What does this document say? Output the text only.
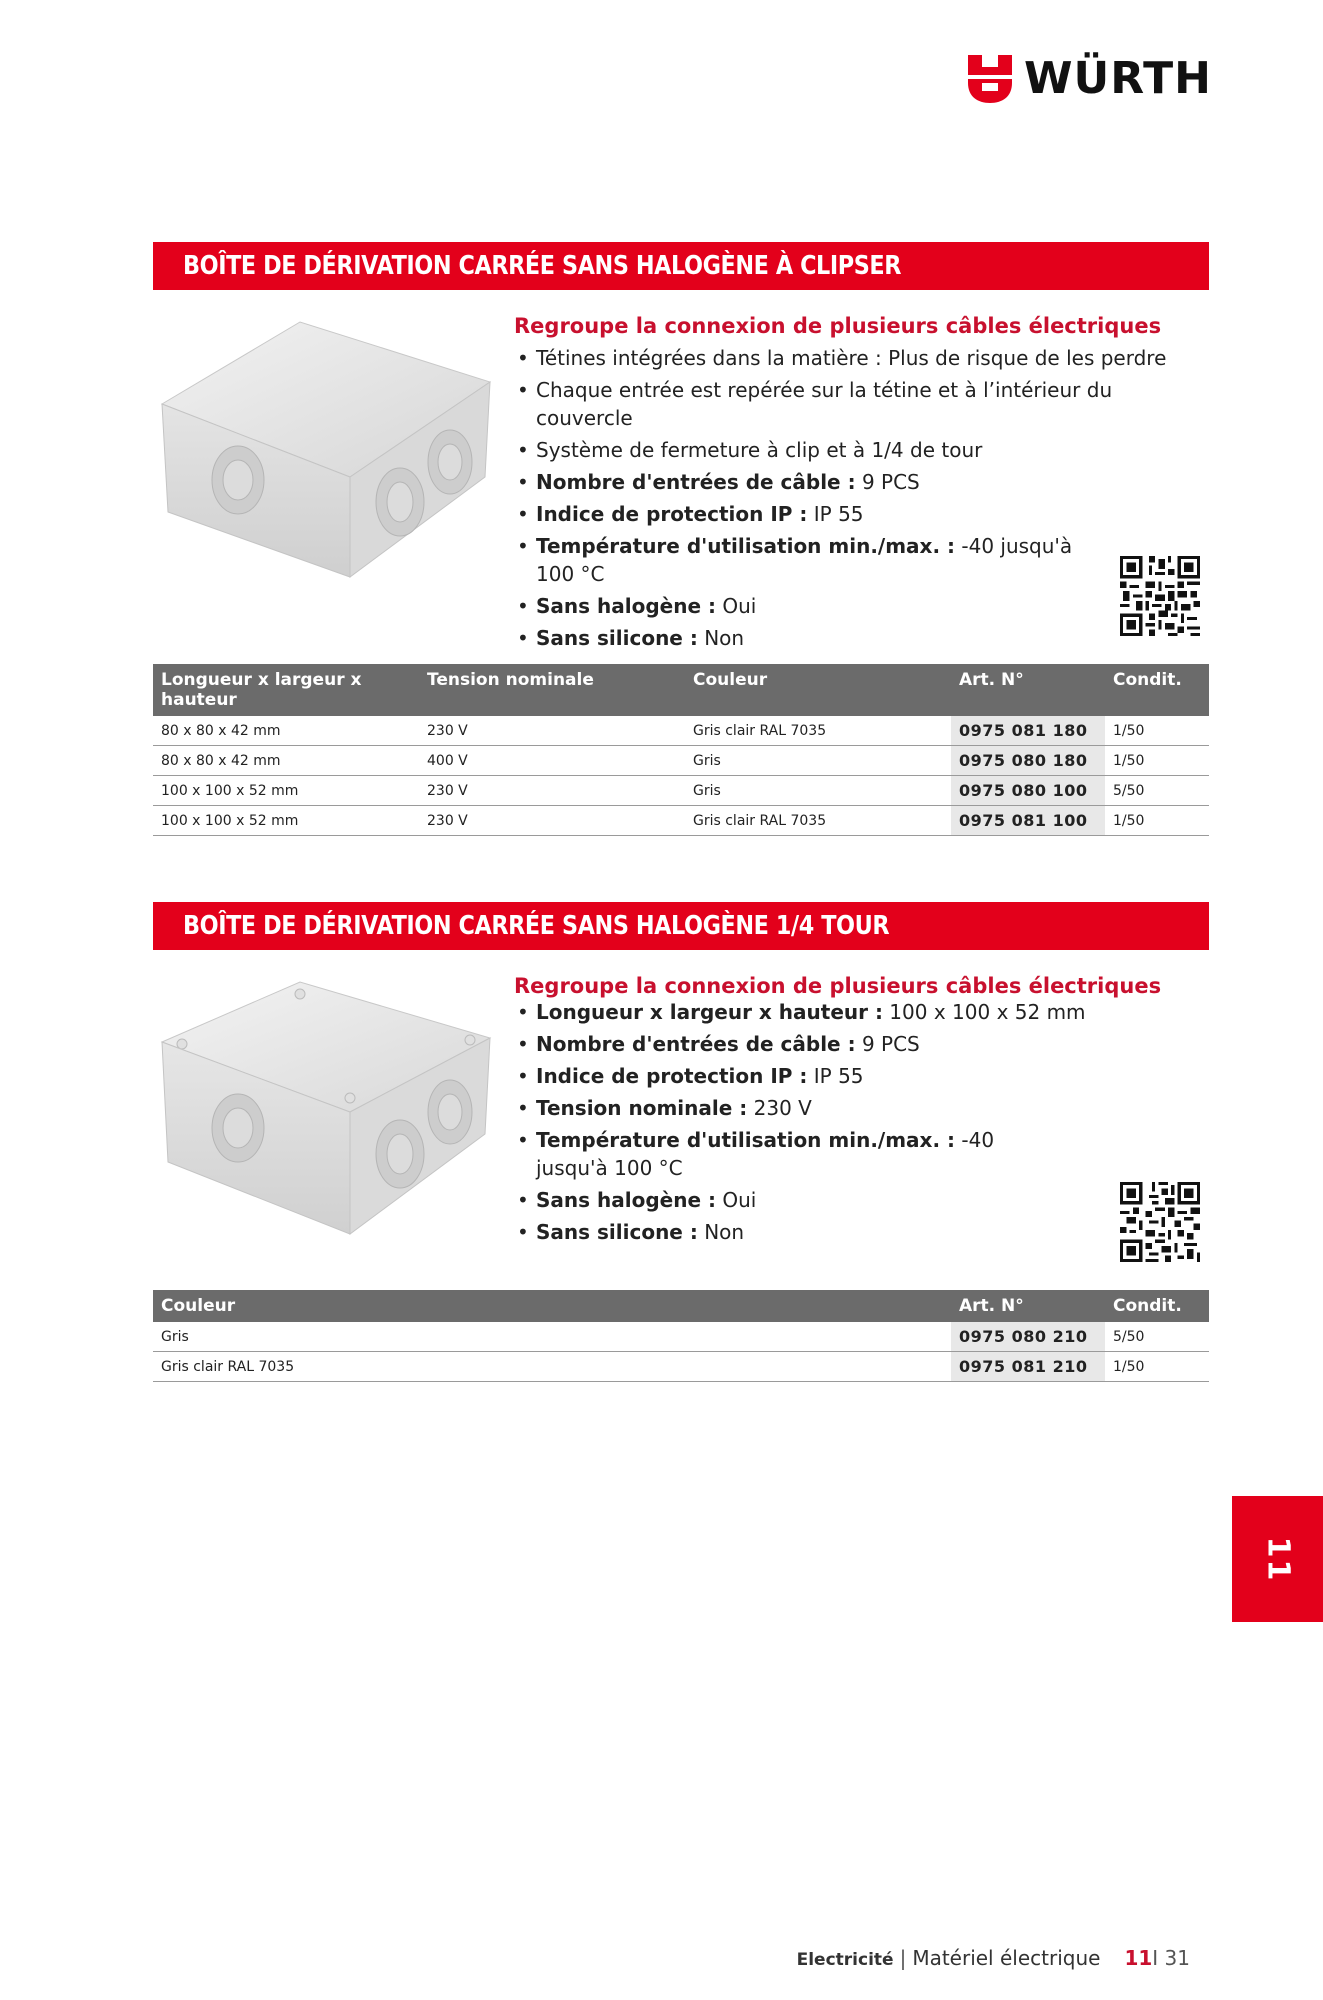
WÜRTH
BOÎTE DE DÉRIVATION CARRÉE SANS HALOGÈNE À CLIPSER
Regroupe la connexion de plusieurs câbles électriques
• Tétines intégrées dans la matière : Plus de risque de les perdre
• Chaque entrée est repérée sur la tétine et à l’intérieur du couvercle
• Système de fermeture à clip et à 1/4 de tour
• Nombre d'entrées de câble : 9 PCS
• Indice de protection IP : IP 55
• Température d'utilisation min./max. : -40 jusqu'à 100 °C
• Sans halogène : Oui
• Sans silicone : Non
Longueur x largeur x hauteur	Tension nominale	Couleur	Art. N°	Condit.
80 x 80 x 42 mm	230 V	Gris clair RAL 7035	0975 081 180	1/50
80 x 80 x 42 mm	400 V	Gris	0975 080 180	1/50
100 x 100 x 52 mm	230 V	Gris	0975 080 100	5/50
100 x 100 x 52 mm	230 V	Gris clair RAL 7035	0975 081 100	1/50
BOÎTE DE DÉRIVATION CARRÉE SANS HALOGÈNE 1/4 TOUR
Regroupe la connexion de plusieurs câbles électriques
• Longueur x largeur x hauteur : 100 x 100 x 52 mm
• Nombre d'entrées de câble : 9 PCS
• Indice de protection IP : IP 55
• Tension nominale : 230 V
• Température d'utilisation min./max. : -40 jusqu'à 100 °C
• Sans halogène : Oui
• Sans silicone : Non
Couleur	Art. N°	Condit.
Gris	0975 080 210	5/50
Gris clair RAL 7035	0975 081 210	1/50
11
Electricité | Matériel électrique 11I 31
